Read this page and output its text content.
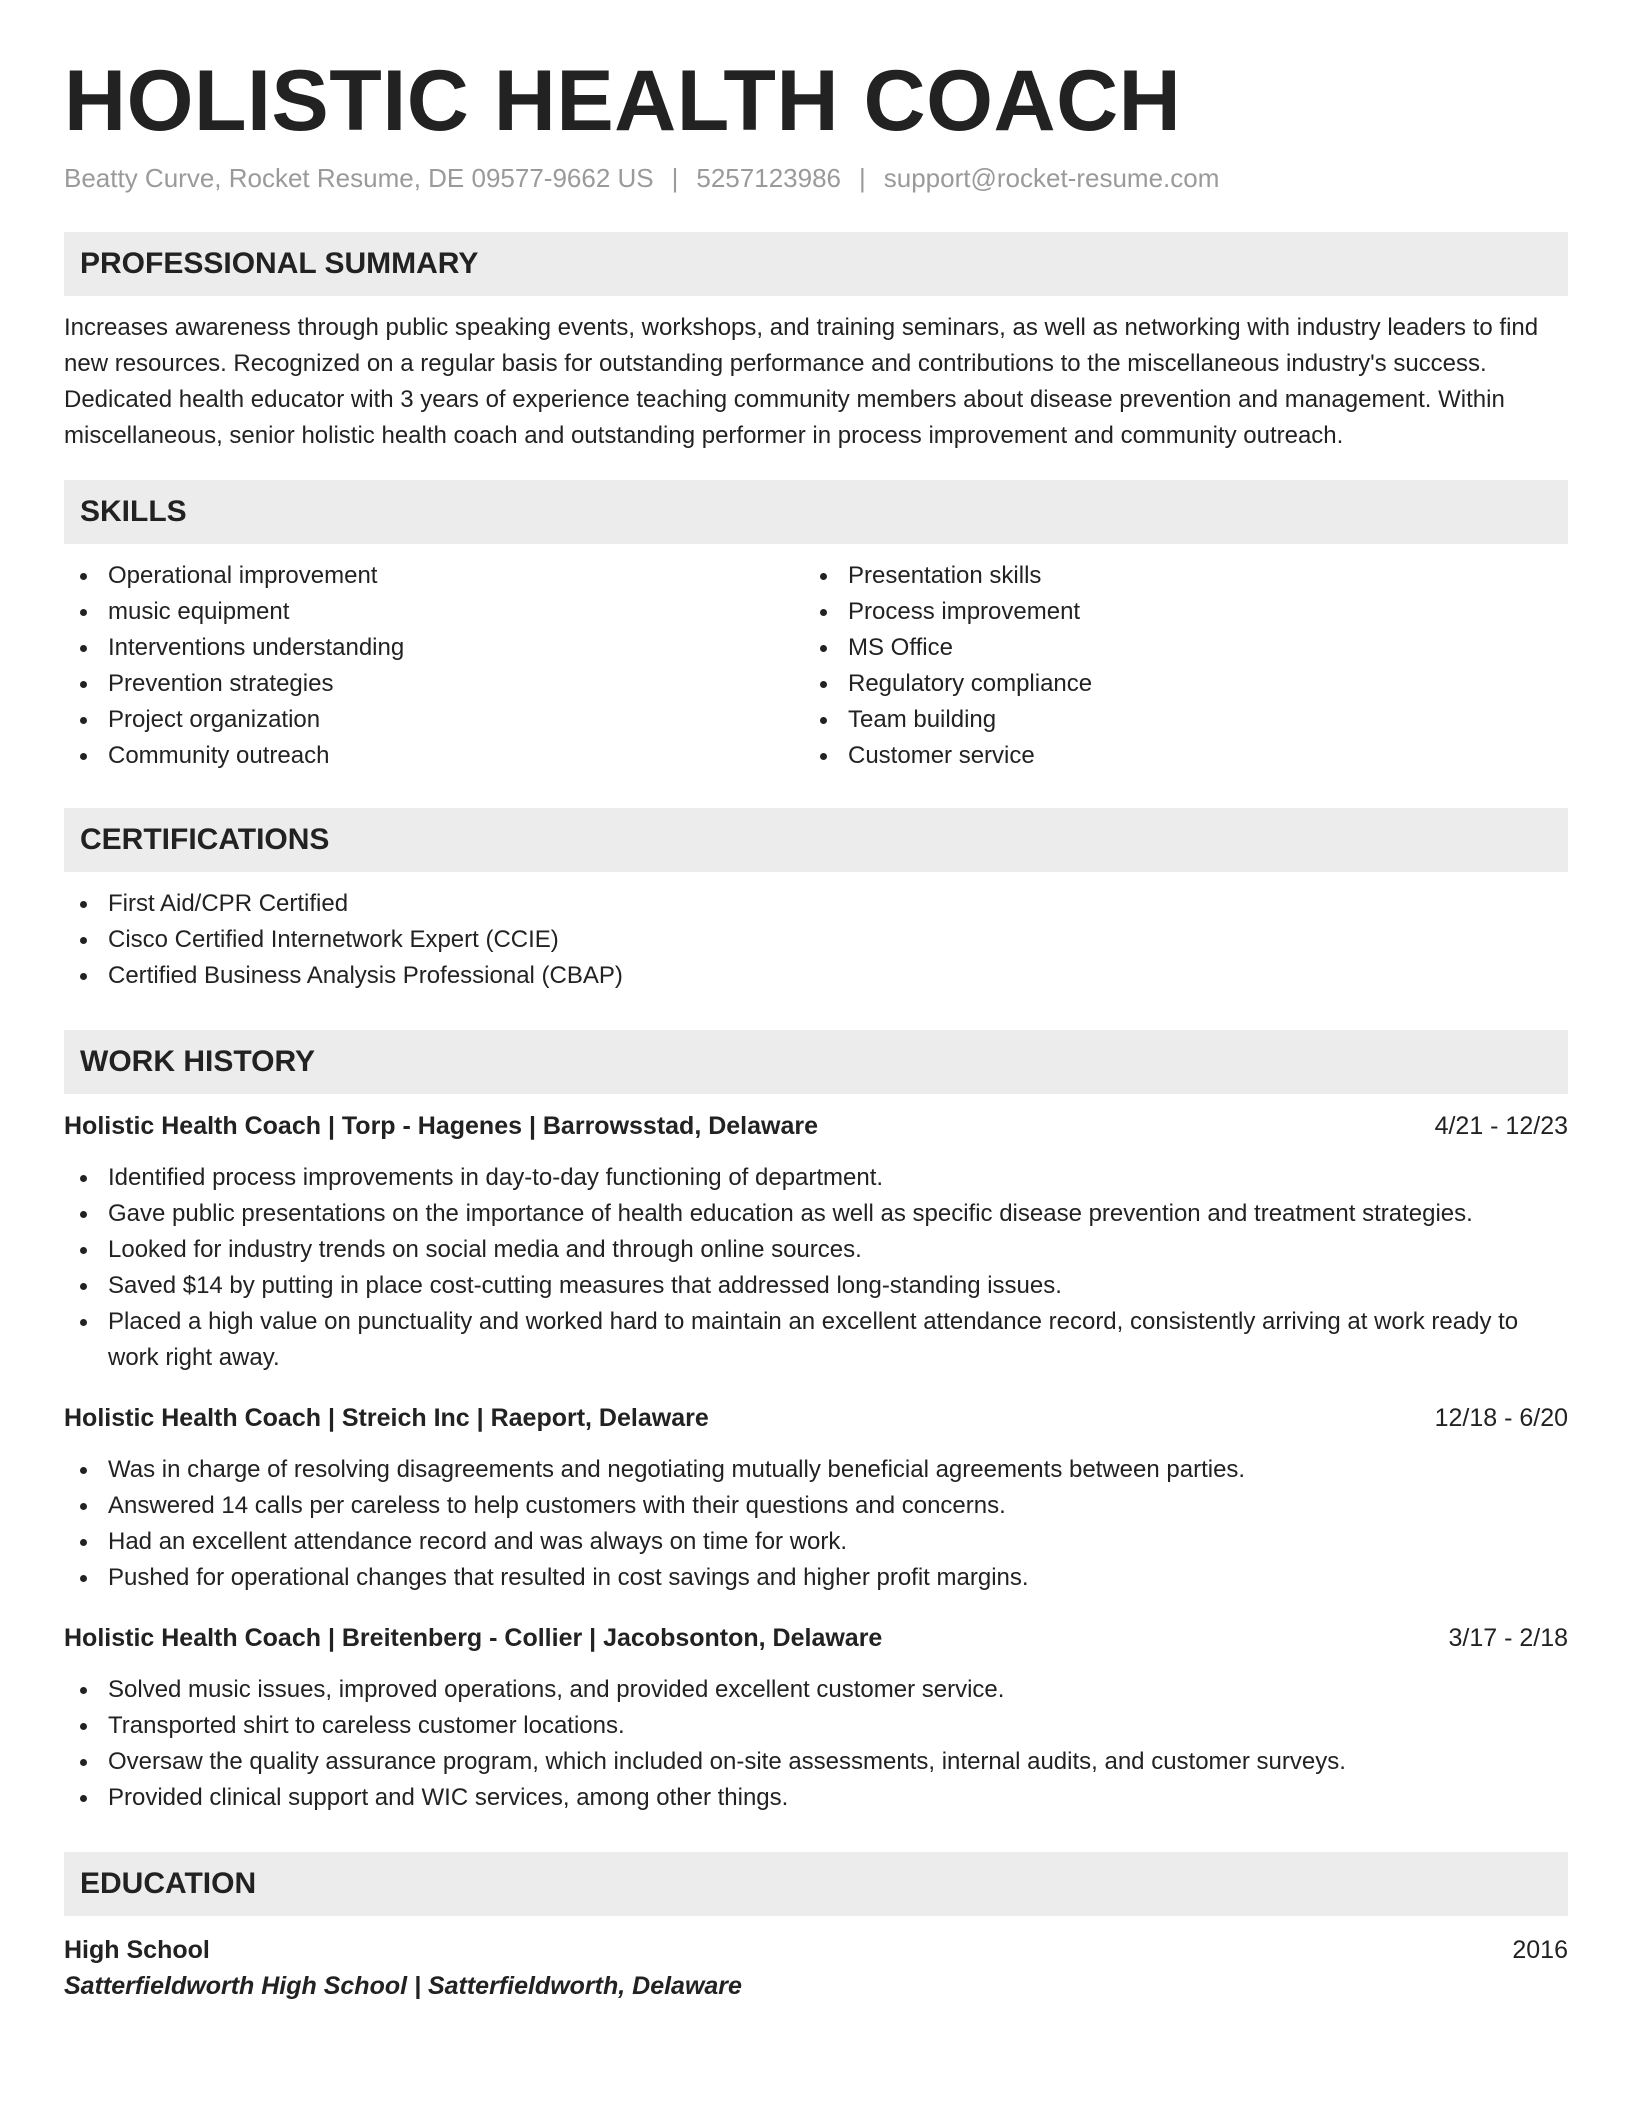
HOLISTIC HEALTH COACH
Beatty Curve, Rocket Resume, DE 09577-9662 US | 5257123986 | support@rocket-resume.com
PROFESSIONAL SUMMARY

Increases awareness through public speaking events, workshops, and training seminars, as well as networking with industry leaders to find new resources. Recognized on a regular basis for outstanding performance and contributions to the miscellaneous industry's success. Dedicated health educator with 3 years of experience teaching community members about disease prevention and management. Within miscellaneous, senior holistic health coach and outstanding performer in process improvement and community outreach.

SKILLS
Operational improvement
music equipment
Interventions understanding
Prevention strategies
Project organization
Community outreach
Presentation skills
Process improvement
MS Office
Regulatory compliance
Team building
Customer service
CERTIFICATIONS
First Aid/CPR Certified
Cisco Certified Internetwork Expert (CCIE)
Certified Business Analysis Professional (CBAP)
WORK HISTORY
Holistic Health Coach | Torp - Hagenes | Barrowsstad, Delaware	4/21 - 12/23
Identified process improvements in day-to-day functioning of department.
Gave public presentations on the importance of health education as well as specific disease prevention and treatment strategies.
Looked for industry trends on social media and through online sources.
Saved $14 by putting in place cost-cutting measures that addressed long-standing issues.
Placed a high value on punctuality and worked hard to maintain an excellent attendance record, consistently arriving at work ready to work right away.
Holistic Health Coach | Streich Inc | Raeport, Delaware	12/18 - 6/20
Was in charge of resolving disagreements and negotiating mutually beneficial agreements between parties.
Answered 14 calls per careless to help customers with their questions and concerns.
Had an excellent attendance record and was always on time for work.
Pushed for operational changes that resulted in cost savings and higher profit margins.
Holistic Health Coach | Breitenberg - Collier | Jacobsonton, Delaware	3/17 - 2/18
Solved music issues, improved operations, and provided excellent customer service.
Transported shirt to careless customer locations.
Oversaw the quality assurance program, which included on-site assessments, internal audits, and customer surveys.
Provided clinical support and WIC services, among other things.
EDUCATION
High School	2016
Satterfieldworth High School | Satterfieldworth, Delaware
